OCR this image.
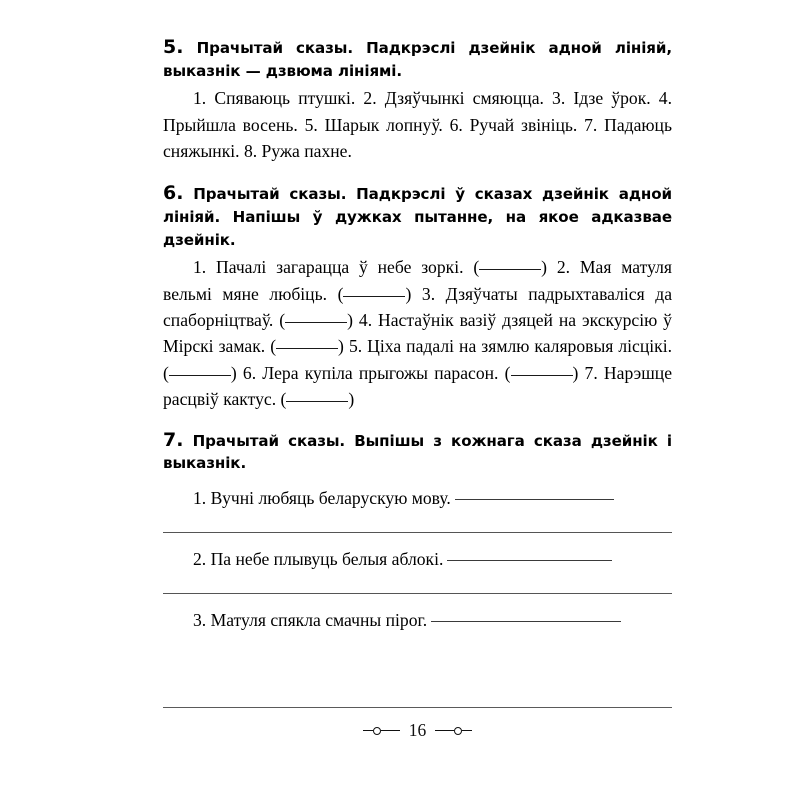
5. Прачытай сказы. Падкрэслі дзейнік адной лініяй, выказнік — дзвюма лініямі.
1. Спяваюць птушкі. 2. Дзяўчынкі смяюцца. 3. Ідзе ўрок. 4. Прыйшла восень. 5. Шарык лопнуў. 6. Ручай звініць. 7. Падаюць сняжынкі. 8. Ружа пахне.
6. Прачытай сказы. Падкрэслі ў сказах дзейнік адной лініяй. Напішы ў дужках пытанне, на якое адказвае дзейнік.
1. Пачалі загарацца ў небе зоркі. (	) 2. Мая матуля вельмі мяне любіць. (	) 3. Дзяўчаты падрыхтаваліся да спаборніцтваў. (	) 4. Настаўнік вазіў дзяцей на экскурсію ў Мірскі замак. (	) 5. Ціха падалі на зямлю каляровыя лісцікі. (	) 6. Лера купіла прыгожы парасон. (	) 7. Нарэшце расцвіў кактус. (	)
7. Прачытай сказы. Выпішы з кожнага сказа дзейнік і выказнік.
1. Вучні любяць беларускую мову.
2. Па небе плывуць белыя аблокі.
3. Матуля спякла смачны пірог.
16
